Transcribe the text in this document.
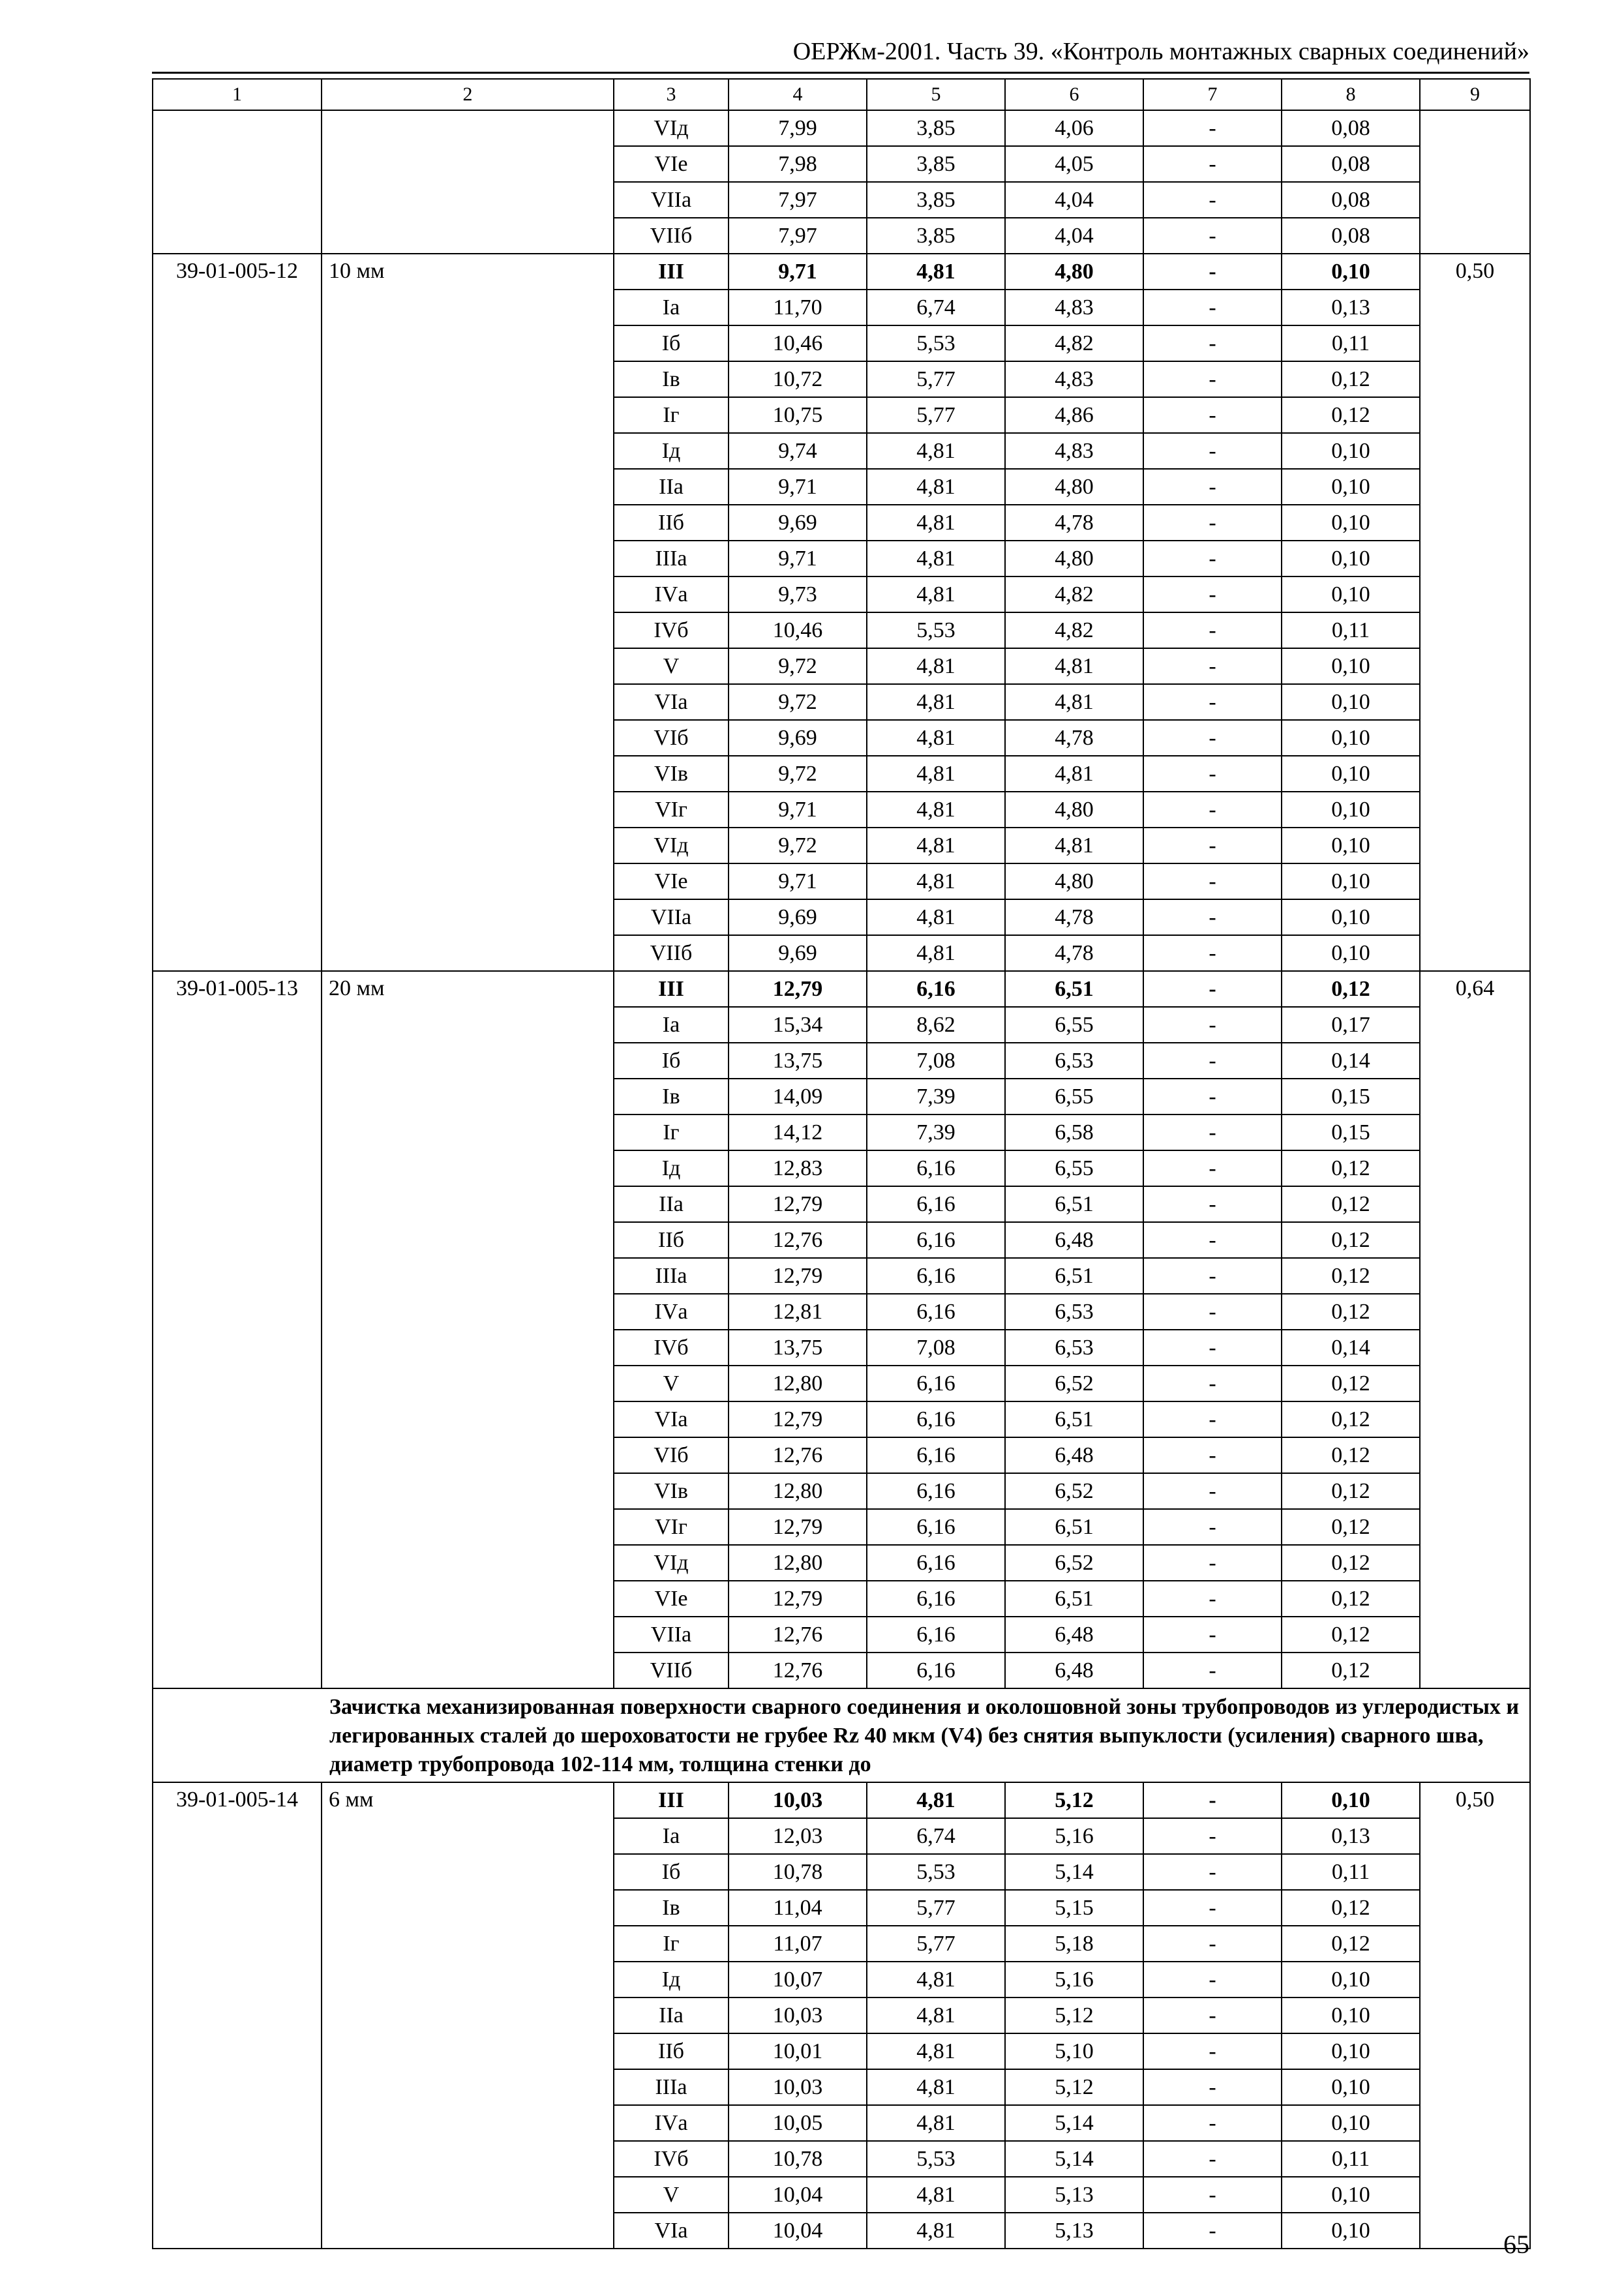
ОЕРЖм-2001. Часть 39. «Контроль монтажных сварных соединений»
1	2	3	4	5	6	7	8	9
		VIд	7,99	3,85	4,06	-	0,08	
		VIе	7,98	3,85	4,05	-	0,08	
		VIIа	7,97	3,85	4,04	-	0,08	
		VIIб	7,97	3,85	4,04	-	0,08	
39-01-005-12	10 мм	III	9,71	4,81	4,80	-	0,10	0,50
		Iа	11,70	6,74	4,83	-	0,13	
		Iб	10,46	5,53	4,82	-	0,11	
		Iв	10,72	5,77	4,83	-	0,12	
		Iг	10,75	5,77	4,86	-	0,12	
		Iд	9,74	4,81	4,83	-	0,10	
		IIа	9,71	4,81	4,80	-	0,10	
		IIб	9,69	4,81	4,78	-	0,10	
		IIIа	9,71	4,81	4,80	-	0,10	
		IVа	9,73	4,81	4,82	-	0,10	
		IVб	10,46	5,53	4,82	-	0,11	
		V	9,72	4,81	4,81	-	0,10	
		VIа	9,72	4,81	4,81	-	0,10	
		VIб	9,69	4,81	4,78	-	0,10	
		VIв	9,72	4,81	4,81	-	0,10	
		VIг	9,71	4,81	4,80	-	0,10	
		VIд	9,72	4,81	4,81	-	0,10	
		VIе	9,71	4,81	4,80	-	0,10	
		VIIа	9,69	4,81	4,78	-	0,10	
		VIIб	9,69	4,81	4,78	-	0,10	
39-01-005-13	20 мм	III	12,79	6,16	6,51	-	0,12	0,64
		Iа	15,34	8,62	6,55	-	0,17	
		Iб	13,75	7,08	6,53	-	0,14	
		Iв	14,09	7,39	6,55	-	0,15	
		Iг	14,12	7,39	6,58	-	0,15	
		Iд	12,83	6,16	6,55	-	0,12	
		IIа	12,79	6,16	6,51	-	0,12	
		IIб	12,76	6,16	6,48	-	0,12	
		IIIа	12,79	6,16	6,51	-	0,12	
		IVа	12,81	6,16	6,53	-	0,12	
		IVб	13,75	7,08	6,53	-	0,14	
		V	12,80	6,16	6,52	-	0,12	
		VIа	12,79	6,16	6,51	-	0,12	
		VIб	12,76	6,16	6,48	-	0,12	
		VIв	12,80	6,16	6,52	-	0,12	
		VIг	12,79	6,16	6,51	-	0,12	
		VIд	12,80	6,16	6,52	-	0,12	
		VIе	12,79	6,16	6,51	-	0,12	
		VIIа	12,76	6,16	6,48	-	0,12	
		VIIб	12,76	6,16	6,48	-	0,12	
	Зачистка механизированная поверхности сварного соединения и околошовной зоны трубопроводов из углеродистых и легированных сталей до шероховатости не грубее Rz 40 мкм (V4) без снятия выпуклости (усиления) сварного шва, диаметр трубопровода 102-114 мм, толщина стенки до							
39-01-005-14	6 мм	III	10,03	4,81	5,12	-	0,10	0,50
		Iа	12,03	6,74	5,16	-	0,13	
		Iб	10,78	5,53	5,14	-	0,11	
		Iв	11,04	5,77	5,15	-	0,12	
		Iг	11,07	5,77	5,18	-	0,12	
		Iд	10,07	4,81	5,16	-	0,10	
		IIа	10,03	4,81	5,12	-	0,10	
		IIб	10,01	4,81	5,10	-	0,10	
		IIIа	10,03	4,81	5,12	-	0,10	
		IVа	10,05	4,81	5,14	-	0,10	
		IVб	10,78	5,53	5,14	-	0,11	
		V	10,04	4,81	5,13	-	0,10	
		VIа	10,04	4,81	5,13	-	0,10		65
